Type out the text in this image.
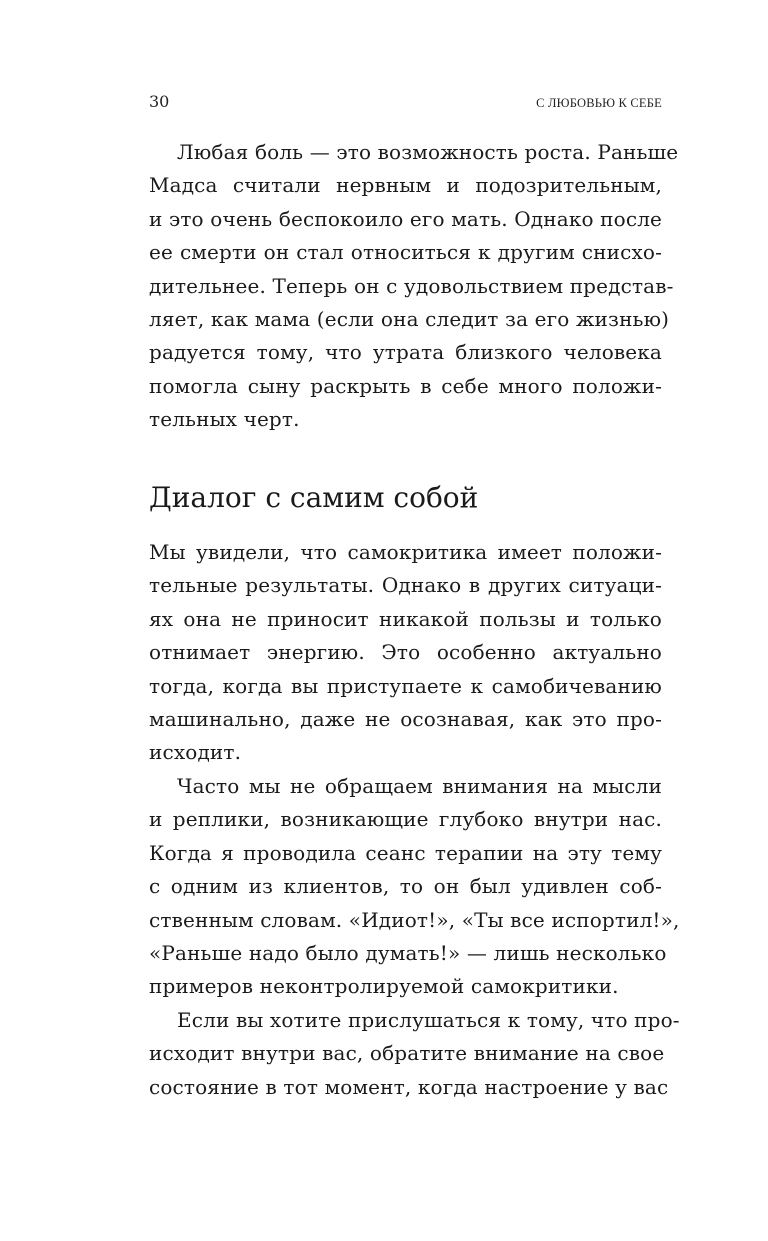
30	С ЛЮБОВЬЮ К СЕБЕ
Любая боль — это возможность роста. Раньше
Мадса считали нервным и подозрительным,
и это очень беспокоило его мать. Однако после
ее смерти он стал относиться к другим снисхо-
дительнее. Теперь он с удовольствием представ-
ляет, как мама (если она следит за его жизнью)
радуется тому, что утрата близкого человека
помогла сыну раскрыть в себе много положи-
тельных черт.
Диалог с самим собой
Мы увидели, что самокритика имеет положи-
тельные результаты. Однако в других ситуаци-
ях она не приносит никакой пользы и только
отнимает энергию. Это особенно актуально
тогда, когда вы приступаете к самобичеванию
машинально, даже не осознавая, как это про-
исходит.
Часто мы не обращаем внимания на мысли
и реплики, возникающие глубоко внутри нас.
Когда я проводила сеанс терапии на эту тему
с одним из клиентов, то он был удивлен соб-
ственным словам. «Идиот!», «Ты все испортил!»,
«Раньше надо было думать!» — лишь несколько
примеров неконтролируемой самокритики.
Если вы хотите прислушаться к тому, что про-
исходит внутри вас, обратите внимание на свое
состояние в тот момент, когда настроение у вас
